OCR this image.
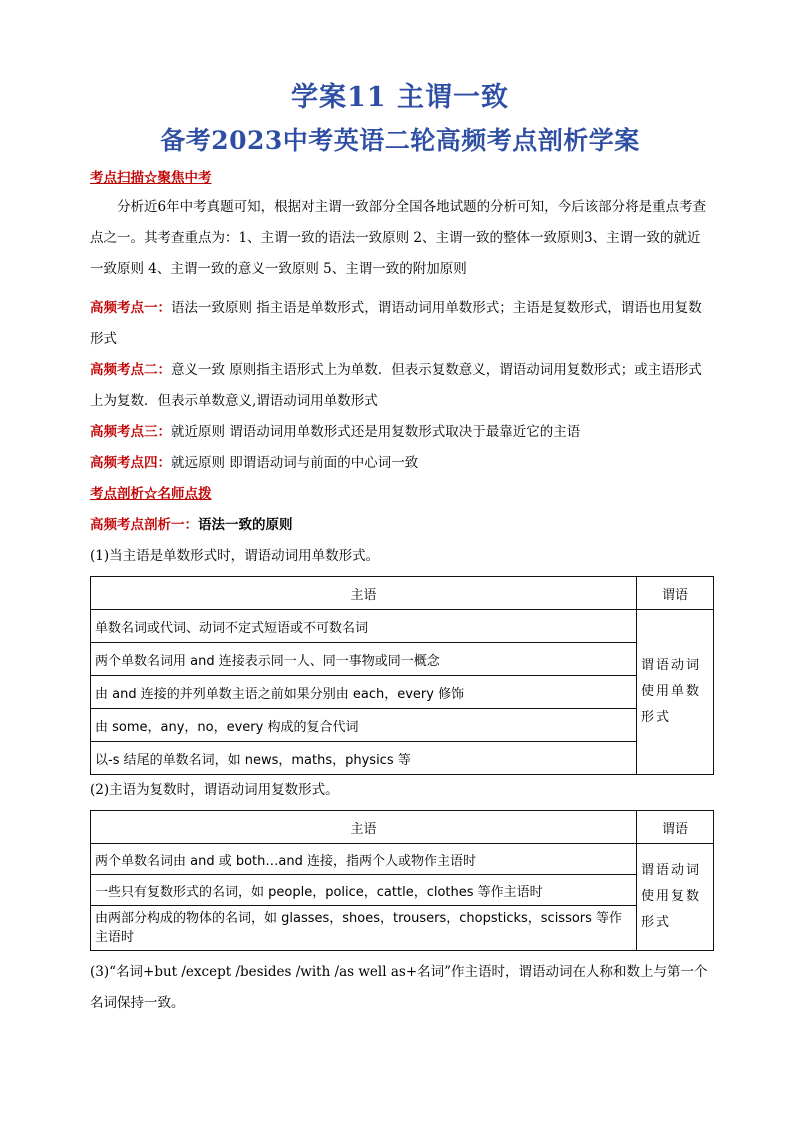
学案11 主谓一致
备考2023中考英语二轮高频考点剖析学案
考点扫描☆聚焦中考

分析近6年中考真题可知，根据对主谓一致部分全国各地试题的分析可知，今后该部分将是重点考查点之一。其考查重点为：1、主谓一致的语法一致原则 2、主谓一致的整体一致原则3、主谓一致的就近一致原则 4、主谓一致的意义一致原则 5、主谓一致的附加原则

高频考点一：语法一致原则 指主语是单数形式，谓语动词用单数形式；主语是复数形式，谓语也用复数形式

高频考点二：意义一致 原则指主语形式上为单数．但表示复数意义，谓语动词用复数形式；或主语形式上为复数．但表示单数意义,谓语动词用单数形式

高频考点三：就近原则 谓语动词用单数形式还是用复数形式取决于最靠近它的主语

高频考点四：就远原则 即谓语动词与前面的中心词一致

考点剖析☆名师点拨

高频考点剖析一：语法一致的原则

(1)当主语是单数形式时，谓语动词用单数形式。

主语	谓语
单数名词或代词、动词不定式短语或不可数名词	谓语动词使用单数形式
两个单数名词用 and 连接表示同一人、同一事物或同一概念	
由 and 连接的并列单数主语之前如果分别由 each，every 修饰	
由 some，any，no，every 构成的复合代词	
以-s 结尾的单数名词，如 news，maths，physics 等	

(2)主语为复数时，谓语动词用复数形式。

主语	谓语
两个单数名词由 and 或 both…and 连接，指两个人或物作主语时	谓语动词使用复数形式
一些只有复数形式的名词，如 people，police，cattle，clothes 等作主语时	
由两部分构成的物体的名词，如 glasses，shoes，trousers，chopsticks，scissors 等作主语时	

(3)“名词+but /except /besides /with /as well as+名词”作主语时，谓语动词在人称和数上与第一个名词保持一致。
